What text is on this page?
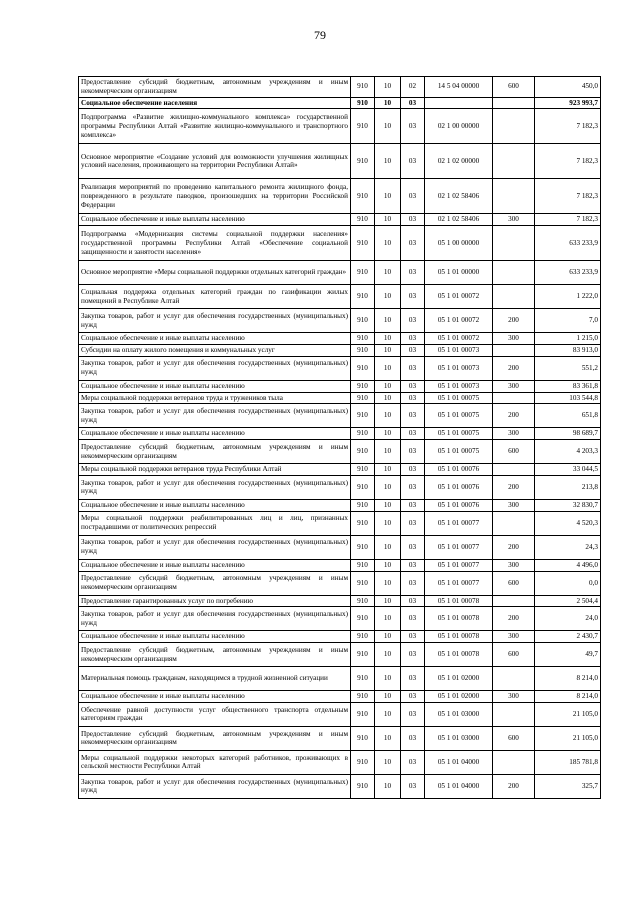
79
Предоставление субсидий бюджетным, автономным учреждениям и иным некоммерческим организациям	910	10	02	14 5 04 00000	600	450,0
Социальное обеспечение населения	910	10	03			923 993,7
Подпрограмма «Развитие жилищно-коммунального комплекса» государственной программы Республики Алтай «Развитие жилищно-коммунального и транспортного комплекса»	910	10	03	02 1 00 00000		7 182,3
Основное мероприятие «Создание условий для возможности улучшения жилищных условий населения, проживающего на территории Республики Алтай»	910	10	03	02 1 02 00000		7 182,3
Реализация мероприятий по проведению капитального ремонта жилищного фонда, поврежденного в результате паводков, произошедших на территории Российской Федерации	910	10	03	02 1 02 58406		7 182,3
Социальное обеспечение и иные выплаты населению	910	10	03	02 1 02 58406	300	7 182,3
Подпрограмма «Модернизация системы социальной поддержки населения» государственной программы Республики Алтай «Обеспечение социальной защищенности и занятости населения»	910	10	03	05 1 00 00000		633 233,9
Основное мероприятие «Меры социальной поддержки отдельных категорий граждан»	910	10	03	05 1 01 00000		633 233,9
Социальная поддержка отдельных категорий граждан по газификации жилых помещений в Республике Алтай	910	10	03	05 1 01 00072		1 222,0
Закупка товаров, работ и услуг для обеспечения государственных (муниципальных) нужд	910	10	03	05 1 01 00072	200	7,0
Социальное обеспечение и иные выплаты населению	910	10	03	05 1 01 00072	300	1 215,0
Субсидии на оплату жилого помещения и коммунальных услуг	910	10	03	05 1 01 00073		83 913,0
Закупка товаров, работ и услуг для обеспечения государственных (муниципальных) нужд	910	10	03	05 1 01 00073	200	551,2
Социальное обеспечение и иные выплаты населению	910	10	03	05 1 01 00073	300	83 361,8
Меры социальной поддержки ветеранов труда и тружеников тыла	910	10	03	05 1 01 00075		103 544,8
Закупка товаров, работ и услуг для обеспечения государственных (муниципальных) нужд	910	10	03	05 1 01 00075	200	651,8
Социальное обеспечение и иные выплаты населению	910	10	03	05 1 01 00075	300	98 689,7
Предоставление субсидий бюджетным, автономным учреждениям и иным некоммерческим организациям	910	10	03	05 1 01 00075	600	4 203,3
Меры социальной поддержки ветеранов труда Республики Алтай	910	10	03	05 1 01 00076		33 044,5
Закупка товаров, работ и услуг для обеспечения государственных (муниципальных) нужд	910	10	03	05 1 01 00076	200	213,8
Социальное обеспечение и иные выплаты населению	910	10	03	05 1 01 00076	300	32 830,7
Меры социальной поддержки реабилитированных лиц и лиц, признанных пострадавшими от политических репрессий	910	10	03	05 1 01 00077		4 520,3
Закупка товаров, работ и услуг для обеспечения государственных (муниципальных) нужд	910	10	03	05 1 01 00077	200	24,3
Социальное обеспечение и иные выплаты населению	910	10	03	05 1 01 00077	300	4 496,0
Предоставление субсидий бюджетным, автономным учреждениям и иным некоммерческим организациям	910	10	03	05 1 01 00077	600	0,0
Предоставление гарантированных услуг по погребению	910	10	03	05 1 01 00078		2 504,4
Закупка товаров, работ и услуг для обеспечения государственных (муниципальных) нужд	910	10	03	05 1 01 00078	200	24,0
Социальное обеспечение и иные выплаты населению	910	10	03	05 1 01 00078	300	2 430,7
Предоставление субсидий бюджетным, автономным учреждениям и иным некоммерческим организациям	910	10	03	05 1 01 00078	600	49,7
Материальная помощь гражданам, находящимся в трудной жизненной ситуации	910	10	03	05 1 01 02000		8 214,0
Социальное обеспечение и иные выплаты населению	910	10	03	05 1 01 02000	300	8 214,0
Обеспечение равной доступности услуг общественного транспорта отдельным категориям граждан	910	10	03	05 1 01 03000		21 105,0
Предоставление субсидий бюджетным, автономным учреждениям и иным некоммерческим организациям	910	10	03	05 1 01 03000	600	21 105,0
Меры социальной поддержки некоторых категорий работников, проживающих в сельской местности Республики Алтай	910	10	03	05 1 01 04000		185 781,8
Закупка товаров, работ и услуг для обеспечения государственных (муниципальных) нужд	910	10	03	05 1 01 04000	200	325,7
